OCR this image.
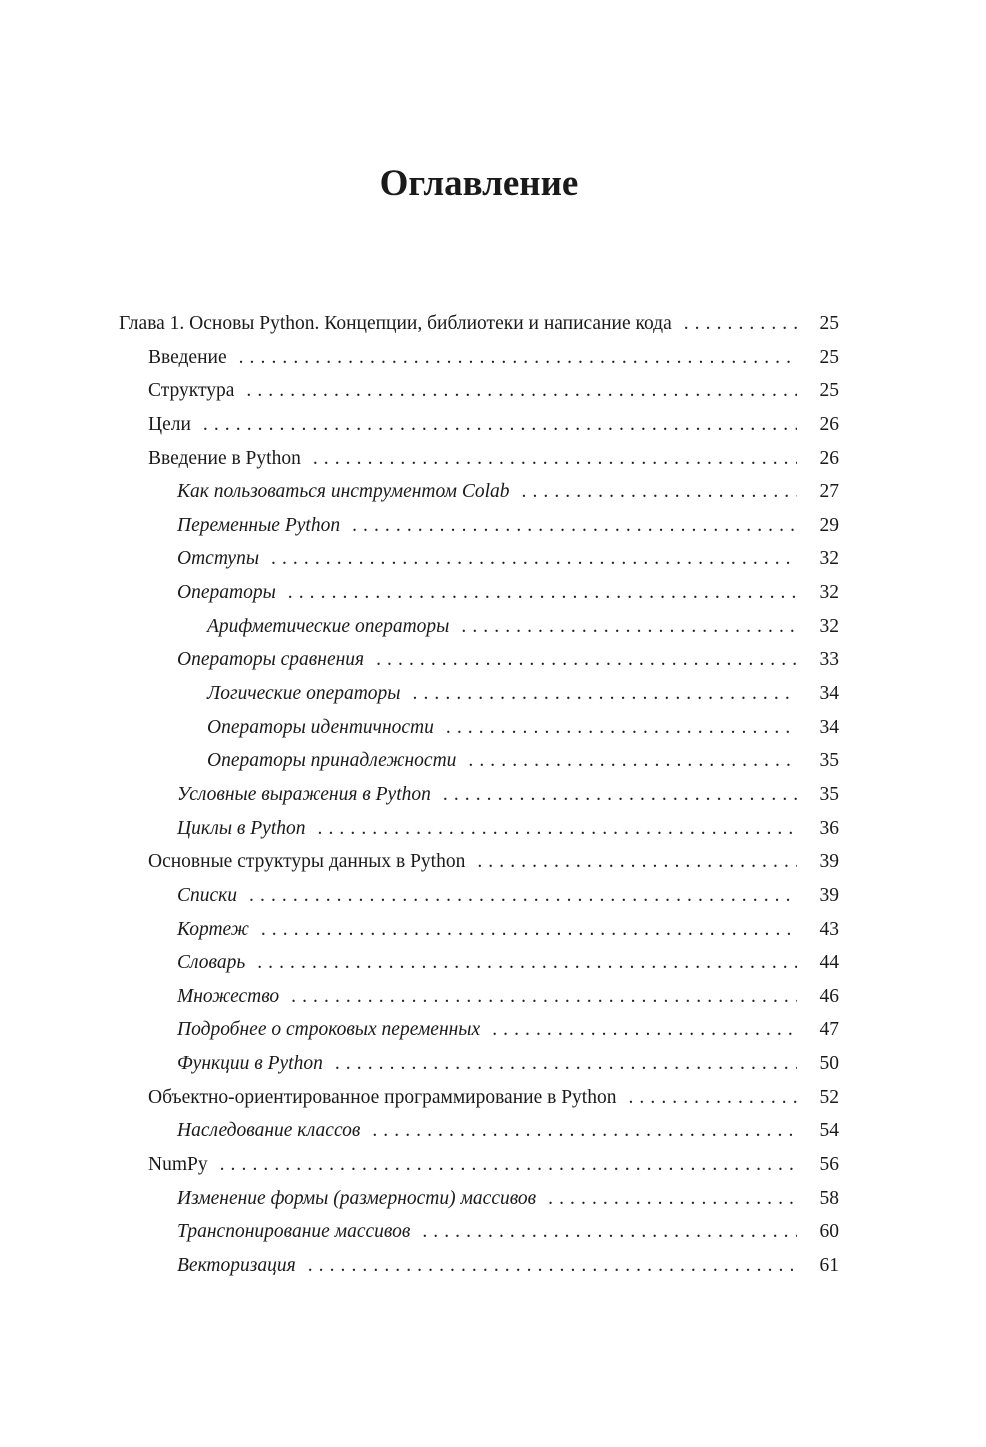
Оглавление
Глава 1. Основы Python. Концепции, библиотеки и написание кода . . .	25
Введение . . .	25
Структура . . .	25
Цели . . .	26
Введение в Python . . .	26
Как пользоваться инструментом Colab . . .	27
Переменные Python . . .	29
Отступы . . .	32
Операторы . . .	32
Арифметические операторы . . .	32
Операторы сравнения . . .	33
Логические операторы . . .	34
Операторы идентичности . . .	34
Операторы принадлежности . . .	35
Условные выражения в Python . . .	35
Циклы в Python . . .	36
Основные структуры данных в Python . . .	39
Списки . . .	39
Кортеж . . .	43
Словарь . . .	44
Множество . . .	46
Подробнее о строковых переменных . . .	47
Функции в Python . . .	50
Объектно-ориентированное программирование в Python . . .	52
Наследование классов . . .	54
NumPy . . .	56
Изменение формы (размерности) массивов . . .	58
Транспонирование массивов . . .	60
Векторизация . . .	61
